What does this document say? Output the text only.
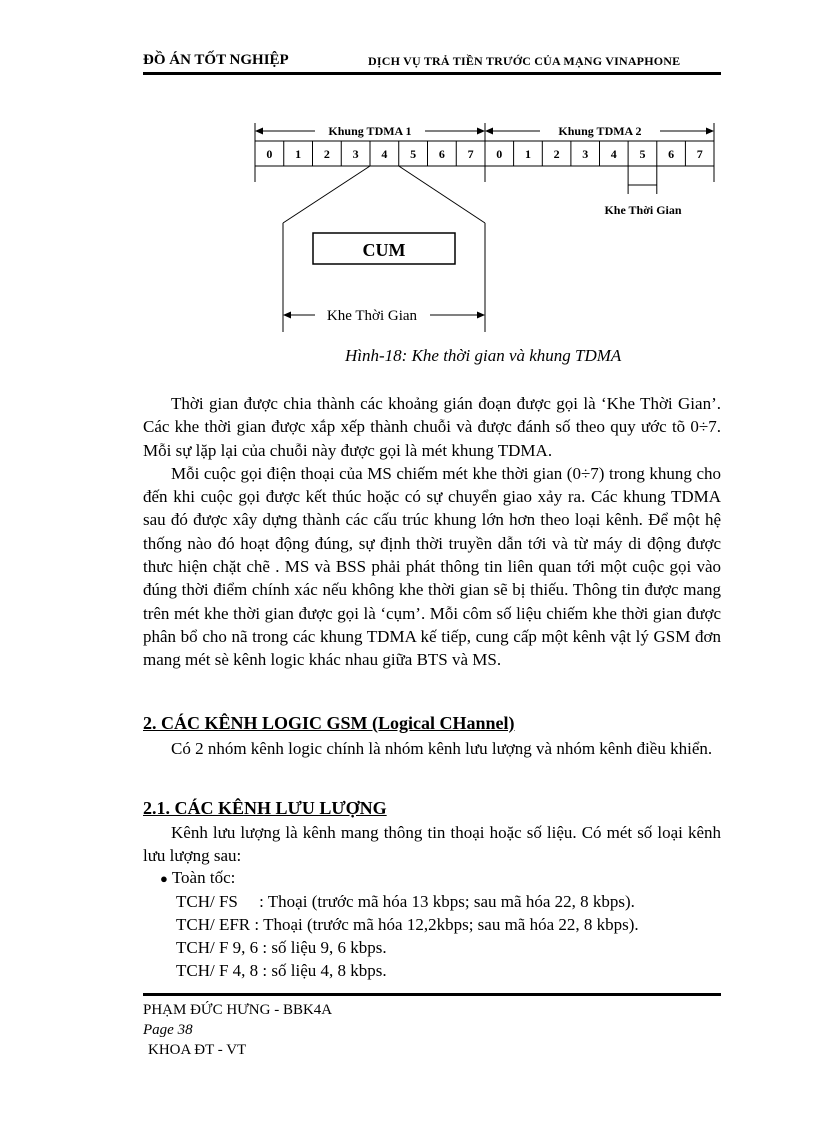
ĐỒ ÁN TỐT NGHIỆP	DỊCH VỤ TRẢ TIỀN TRƯỚC CỦA MẠNG VINAPHONE
Khung TDMA 1	Khung TDMA 2
0 1 2 3 4 5 6 7 0 1 2 3 4 5 6 7
Khe Thời Gian
CUM
Khe Thời Gian
Hình-18: Khe thời gian và khung TDMA

Thời gian được chia thành các khoảng gián đoạn được gọi là ‘Khe Thời Gian’. Các khe thời gian được xắp xếp thành chuỗi và được đánh số theo quy ước tõ 0÷7. Mỗi sự lặp lại của chuỗi này được gọi là mét khung TDMA.

Mỗi cuộc gọi điện thoại của MS chiếm mét khe thời gian (0÷7) trong khung cho đến khi cuộc gọi được kết thúc hoặc có sự chuyển giao xảy ra. Các khung TDMA sau đó được xây dựng thành các cấu trúc khung lớn hơn theo loại kênh. Để một hệ thống nào đó hoạt động đúng, sự định thời truyền dẫn tới và từ máy di động được thưc hiện chặt chẽ . MS và BSS phải phát thông tin liên quan tới một cuộc gọi vào đúng thời điểm chính xác nếu không khe thời gian sẽ bị thiếu. Thông tin được mang trên mét khe thời gian được gọi là ‘cụm’. Mỗi côm số liệu chiếm khe thời gian được phân bổ cho nã trong các khung TDMA kế tiếp, cung cấp một kênh vật lý GSM đơn mang mét sè kênh logic khác nhau giữa BTS và MS.

2. CÁC KÊNH LOGIC GSM (Logical CHannel)

Có 2 nhóm kênh logic chính là nhóm kênh lưu lượng và nhóm kênh điều khiển.

2.1. CÁC KÊNH LƯU LƯỢNG

Kênh lưu lượng là kênh mang thông tin thoại hoặc số liệu. Có mét số loại kênh lưu lượng sau:

● Toàn tốc:
TCH/ FS     : Thoại (trước mã hóa 13 kbps; sau mã hóa 22, 8 kbps).
TCH/ EFR : Thoại (trước mã hóa 12,2kbps; sau mã hóa 22, 8 kbps).
TCH/ F 9, 6 : số liệu 9, 6 kbps.
TCH/ F 4, 8 : số liệu 4, 8 kbps.
PHẠM ĐỨC HƯNG - BBK4A
Page 38
KHOA ĐT - VT
